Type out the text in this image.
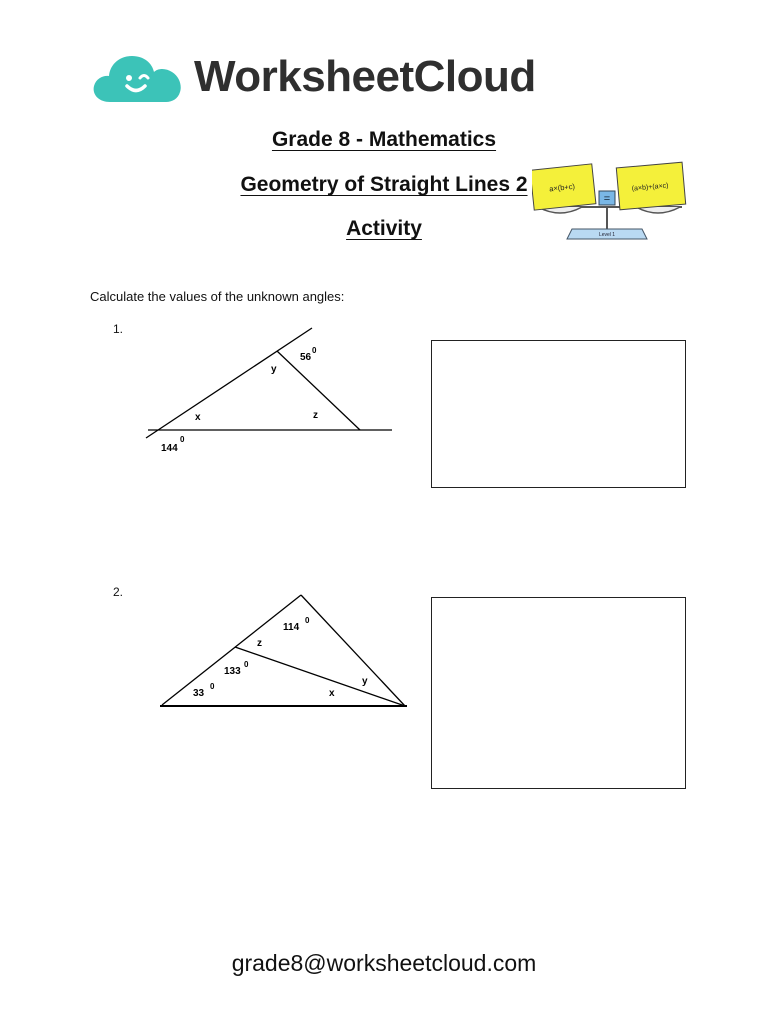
WorksheetCloud
Grade 8 - Mathematics
Geometry of Straight Lines 2
Activity
a×(b+c)	(a×b)+(a×c)
=
Level 1
Calculate the values of the unknown angles:
1.
56
0
y
x	z
144
0
2.
114
0
z
133
0
33
0
x
y
grade8@worksheetcloud.com
